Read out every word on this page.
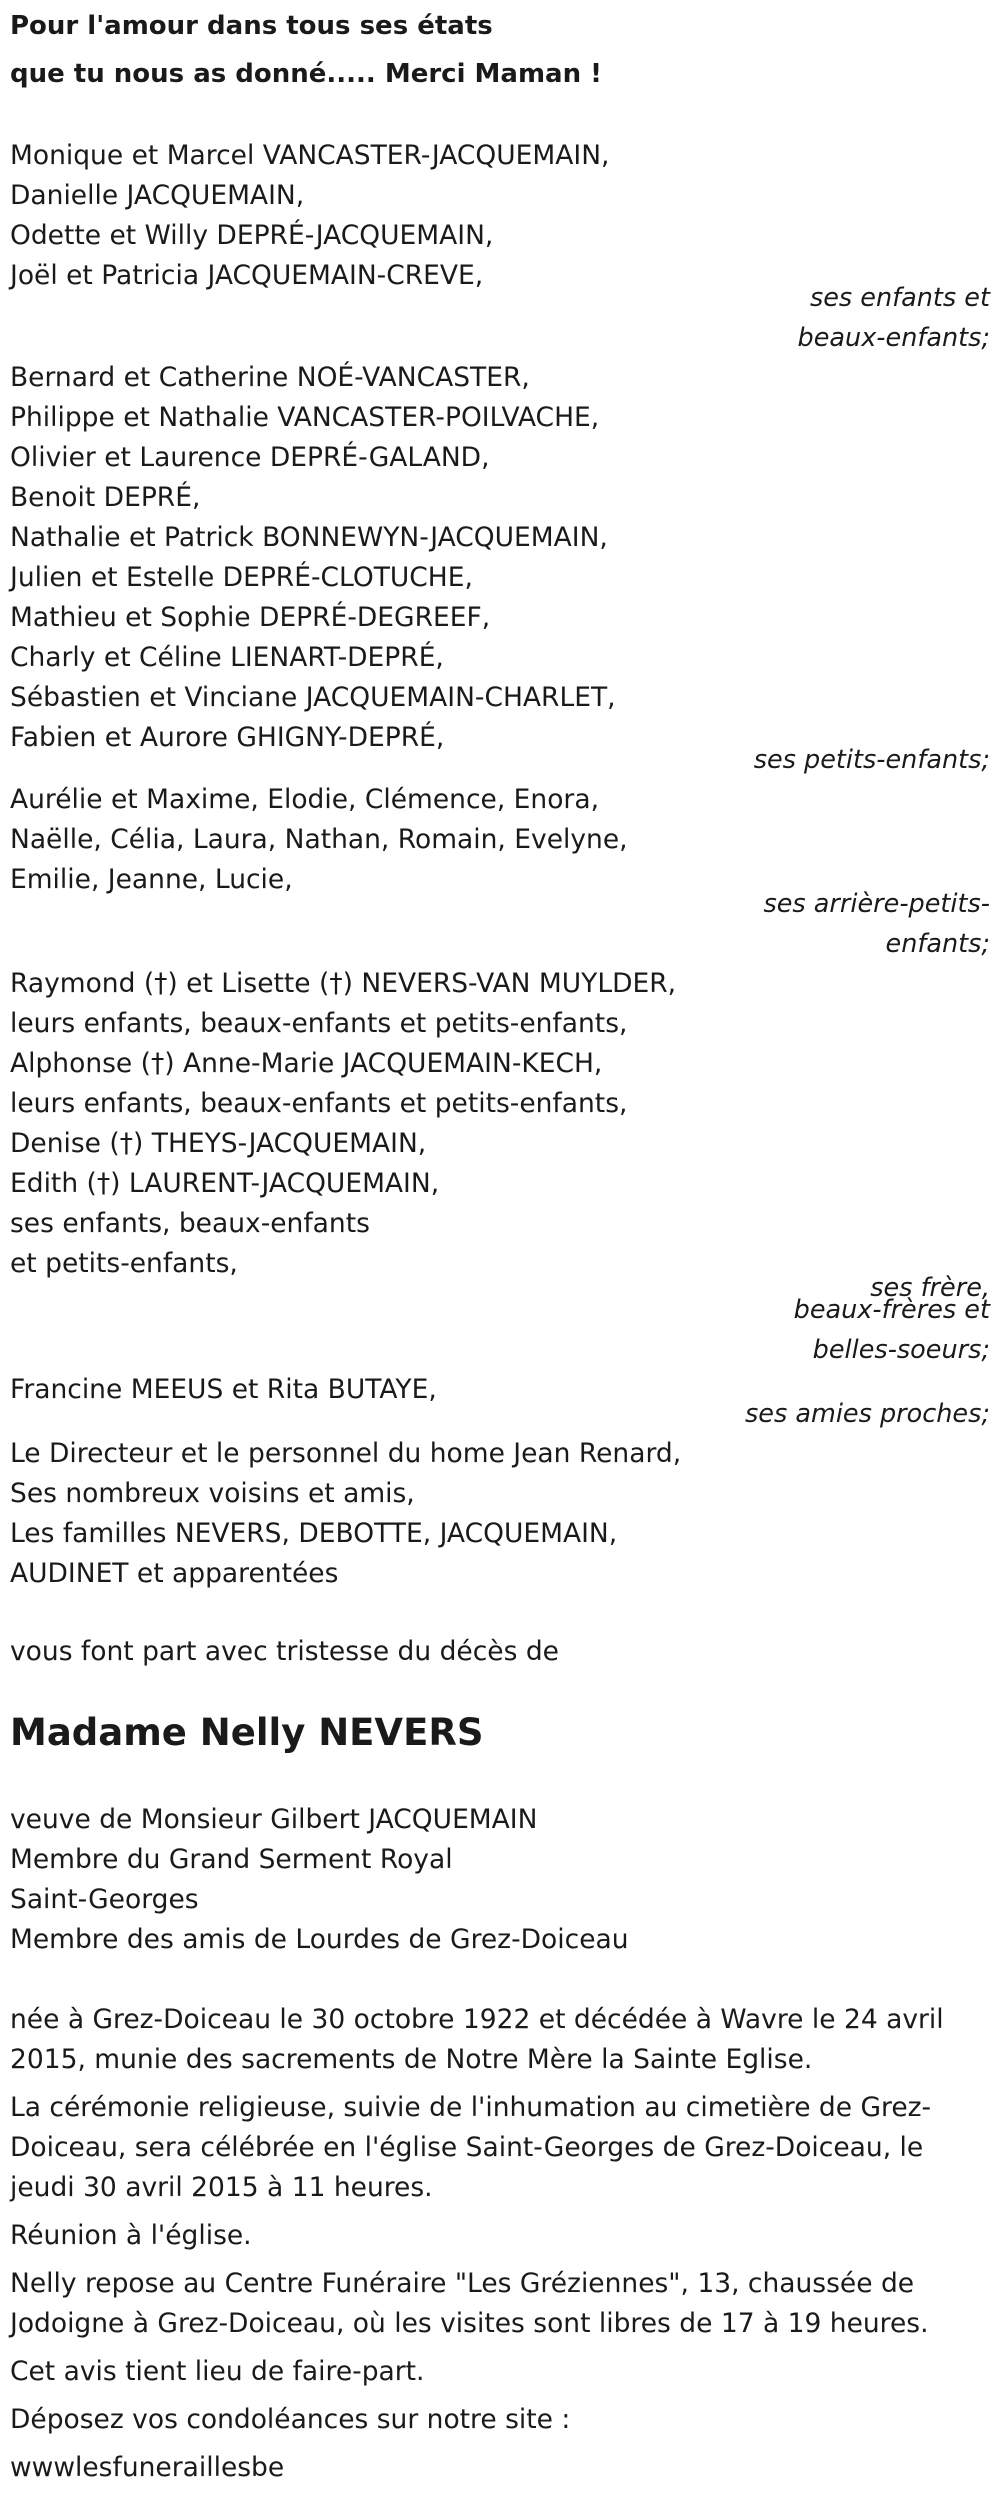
Pour l'amour dans tous ses états

que tu nous as donné..... Merci Maman !

Monique et Marcel VANCASTER-JACQUEMAIN,

Danielle JACQUEMAIN,

Odette et Willy DEPRÉ-JACQUEMAIN,

Joël et Patricia JACQUEMAIN-CREVE,

ses enfants et

beaux-enfants;

Bernard et Catherine NOÉ-VANCASTER,

Philippe et Nathalie VANCASTER-POILVACHE,

Olivier et Laurence DEPRÉ-GALAND,

Benoit DEPRÉ,

Nathalie et Patrick BONNEWYN-JACQUEMAIN,

Julien et Estelle DEPRÉ-CLOTUCHE,

Mathieu et Sophie DEPRÉ-DEGREEF,

Charly et Céline LIENART-DEPRÉ,

Sébastien et Vinciane JACQUEMAIN-CHARLET,

Fabien et Aurore GHIGNY-DEPRÉ,

ses petits-enfants;

Aurélie et Maxime, Elodie, Clémence, Enora,

Naëlle, Célia, Laura, Nathan, Romain, Evelyne,

Emilie, Jeanne, Lucie,

ses arrière-petits-

enfants;

Raymond (†) et Lisette (†) NEVERS-VAN MUYLDER,

leurs enfants, beaux-enfants et petits-enfants,

Alphonse (†) Anne-Marie JACQUEMAIN-KECH,

leurs enfants, beaux-enfants et petits-enfants,

Denise (†) THEYS-JACQUEMAIN,

Edith (†) LAURENT-JACQUEMAIN,

ses enfants, beaux-enfants

et petits-enfants,

ses frère,

beaux-frères et

belles-soeurs;

Francine MEEUS et Rita BUTAYE,

ses amies proches;

Le Directeur et le personnel du home Jean Renard,

Ses nombreux voisins et amis,

Les familles NEVERS, DEBOTTE, JACQUEMAIN,

AUDINET et apparentées

vous font part avec tristesse du décès de

Madame Nelly NEVERS

veuve de Monsieur Gilbert JACQUEMAIN

Membre du Grand Serment Royal

Saint-Georges

Membre des amis de Lourdes de Grez-Doiceau

née à Grez-Doiceau le 30 octobre 1922 et décédée à Wavre le 24 avril 2015, munie des sacrements de Notre Mère la Sainte Eglise.

La cérémonie religieuse, suivie de l'inhumation au cimetière de Grez-Doiceau, sera célébrée en l'église Saint-Georges de Grez-Doiceau, le jeudi 30 avril 2015 à 11 heures.

Réunion à l'église.

Nelly repose au Centre Funéraire "Les Gréziennes", 13, chaussée de Jodoigne à Grez-Doiceau, où les visites sont libres de 17 à 19 heures.

Cet avis tient lieu de faire-part.

Déposez vos condoléances sur notre site :

wwwlesfuneraillesbe
